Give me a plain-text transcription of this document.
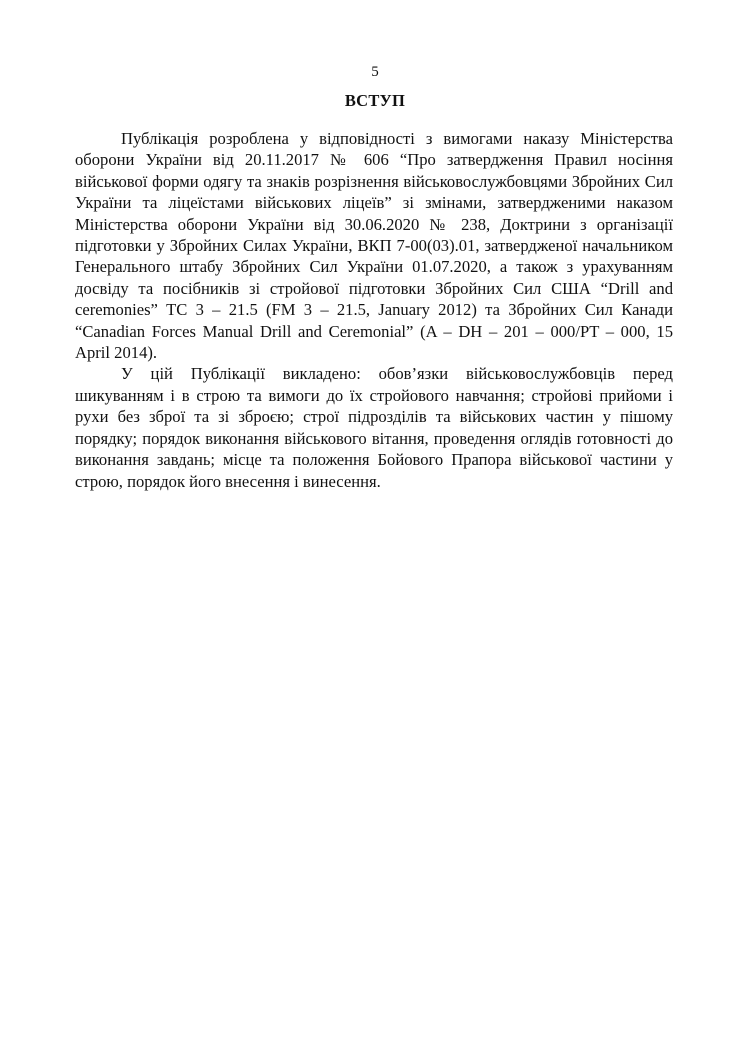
5
ВСТУП

Публікація розроблена у відповідності з вимогами наказу Міністерства оборони України від 20.11.2017 № 606 “Про затвердження Правил носіння військової форми одягу та знаків розрізнення військовослужбовцями Збройних Сил України та ліцеїстами військових ліцеїв” зі змінами, затвердженими наказом Міністерства оборони України від 30.06.2020 № 238, Доктрини з організації підготовки у Збройних Силах України, ВКП 7-00(03).01, затвердженої начальником Генерального штабу Збройних Сил України 01.07.2020, а також з урахуванням досвіду та посібників зі стройової підготовки Збройних Сил США “Drill and ceremonies” ТС 3 – 21.5 (FM 3 – 21.5, January 2012) та Збройних Сил Канади “Canadian Forces Manual Drill and Ceremonial” (A – DH – 201 – 000/PT – 000, 15 April 2014).

У цій Публікації викладено: обов’язки військовослужбовців перед шикуванням і в строю та вимоги до їх стройового навчання; стройові прийоми і рухи без зброї та зі зброєю; строї підрозділів та військових частин у пішому порядку; порядок виконання військового вітання, проведення оглядів готовності до виконання завдань; місце та положення Бойового Прапора військової частини у строю, порядок його внесення і винесення.
